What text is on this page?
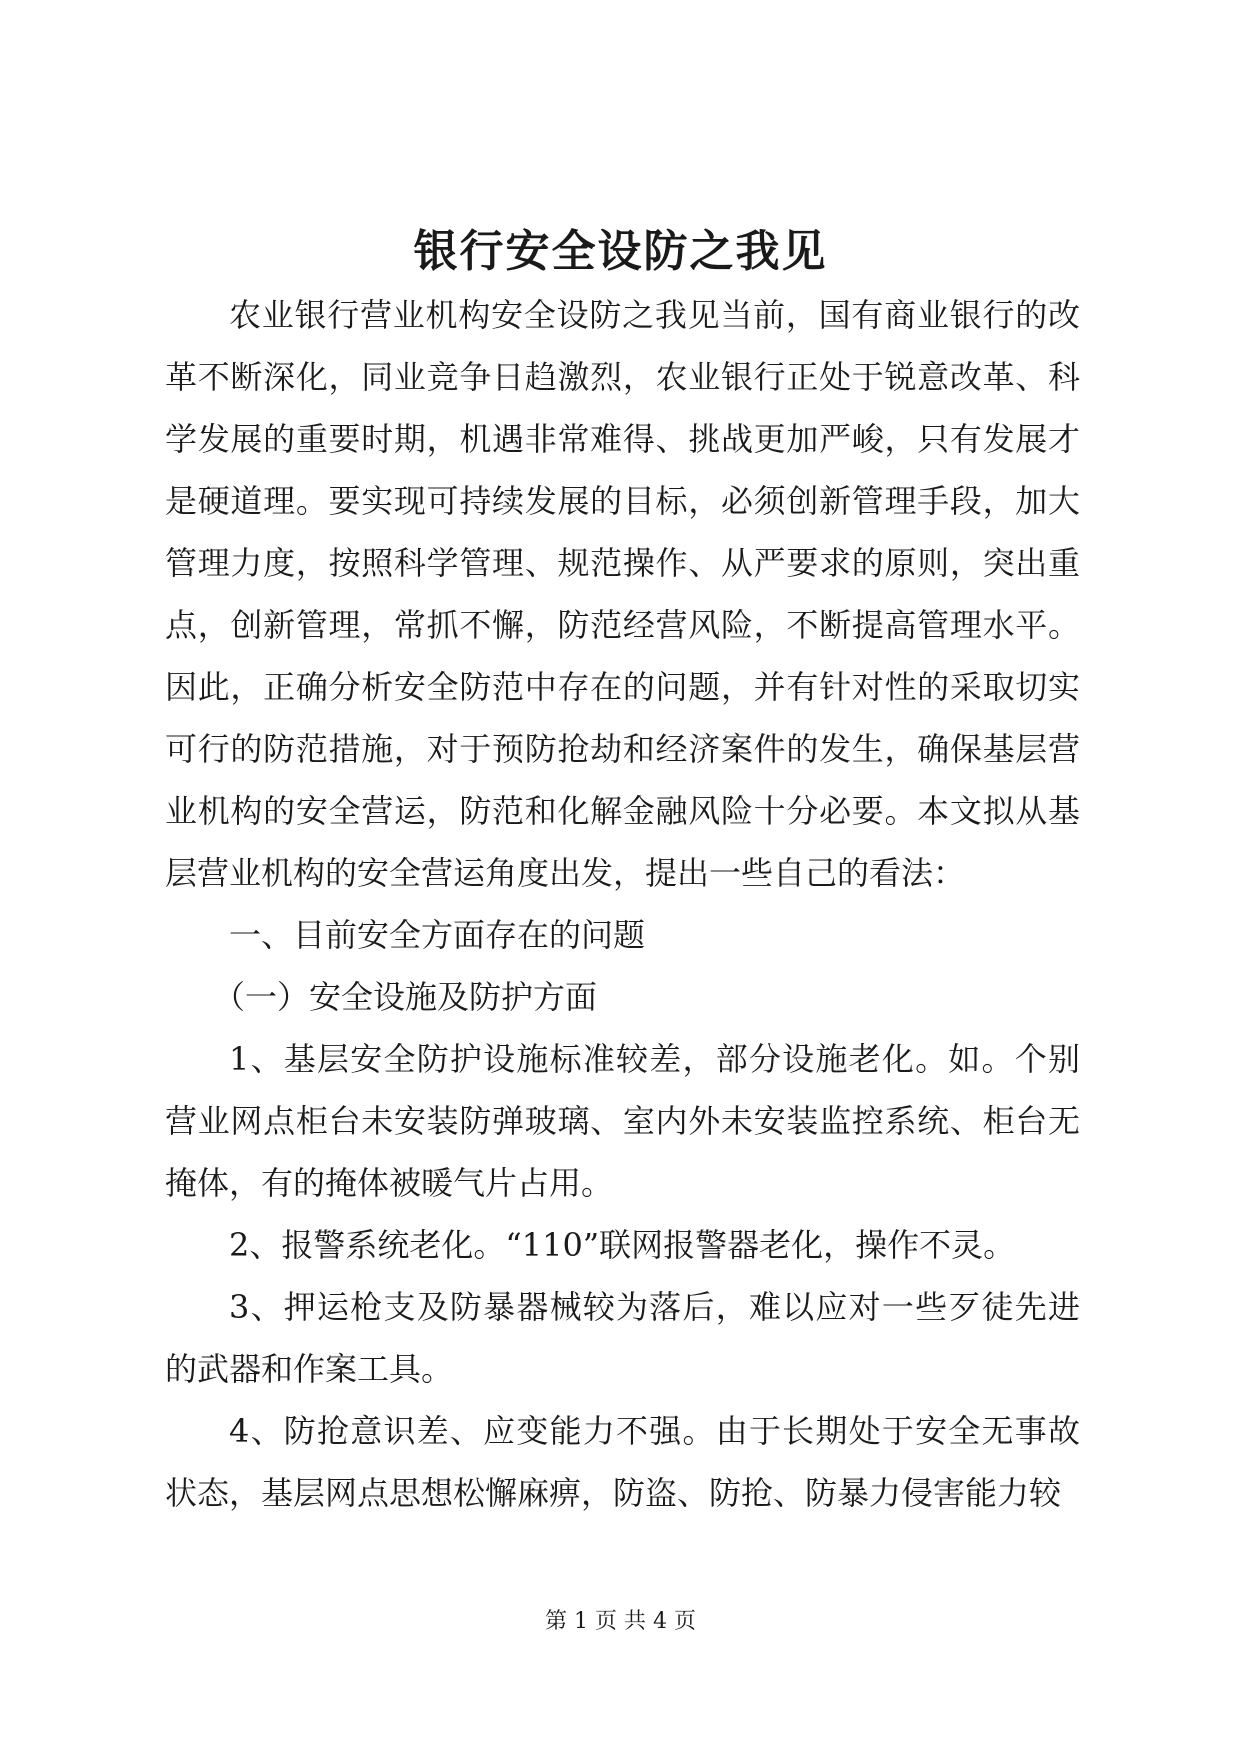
银行安全设防之我见

农业银行营业机构安全设防之我见当前，国有商业银行的改革不断深化，同业竞争日趋激烈，农业银行正处于锐意改革、科学发展的重要时期，机遇非常难得、挑战更加严峻，只有发展才是硬道理。要实现可持续发展的目标，必须创新管理手段，加大管理力度，按照科学管理、规范操作、从严要求的原则，突出重点，创新管理，常抓不懈，防范经营风险，不断提高管理水平。因此，正确分析安全防范中存在的问题，并有针对性的采取切实可行的防范措施，对于预防抢劫和经济案件的发生，确保基层营业机构的安全营运，防范和化解金融风险十分必要。本文拟从基层营业机构的安全营运角度出发，提出一些自己的看法：

一、目前安全方面存在的问题

（一）安全设施及防护方面

1、基层安全防护设施标准较差，部分设施老化。如。个别营业网点柜台未安装防弹玻璃、室内外未安装监控系统、柜台无掩体，有的掩体被暖气片占用。

2、报警系统老化。“110”联网报警器老化，操作不灵。

3、押运枪支及防暴器械较为落后，难以应对一些歹徒先进的武器和作案工具。

4、防抢意识差、应变能力不强。由于长期处于安全无事故状态，基层网点思想松懈麻痹，防盗、防抢、防暴力侵害能力较

第 1 页 共 4 页
